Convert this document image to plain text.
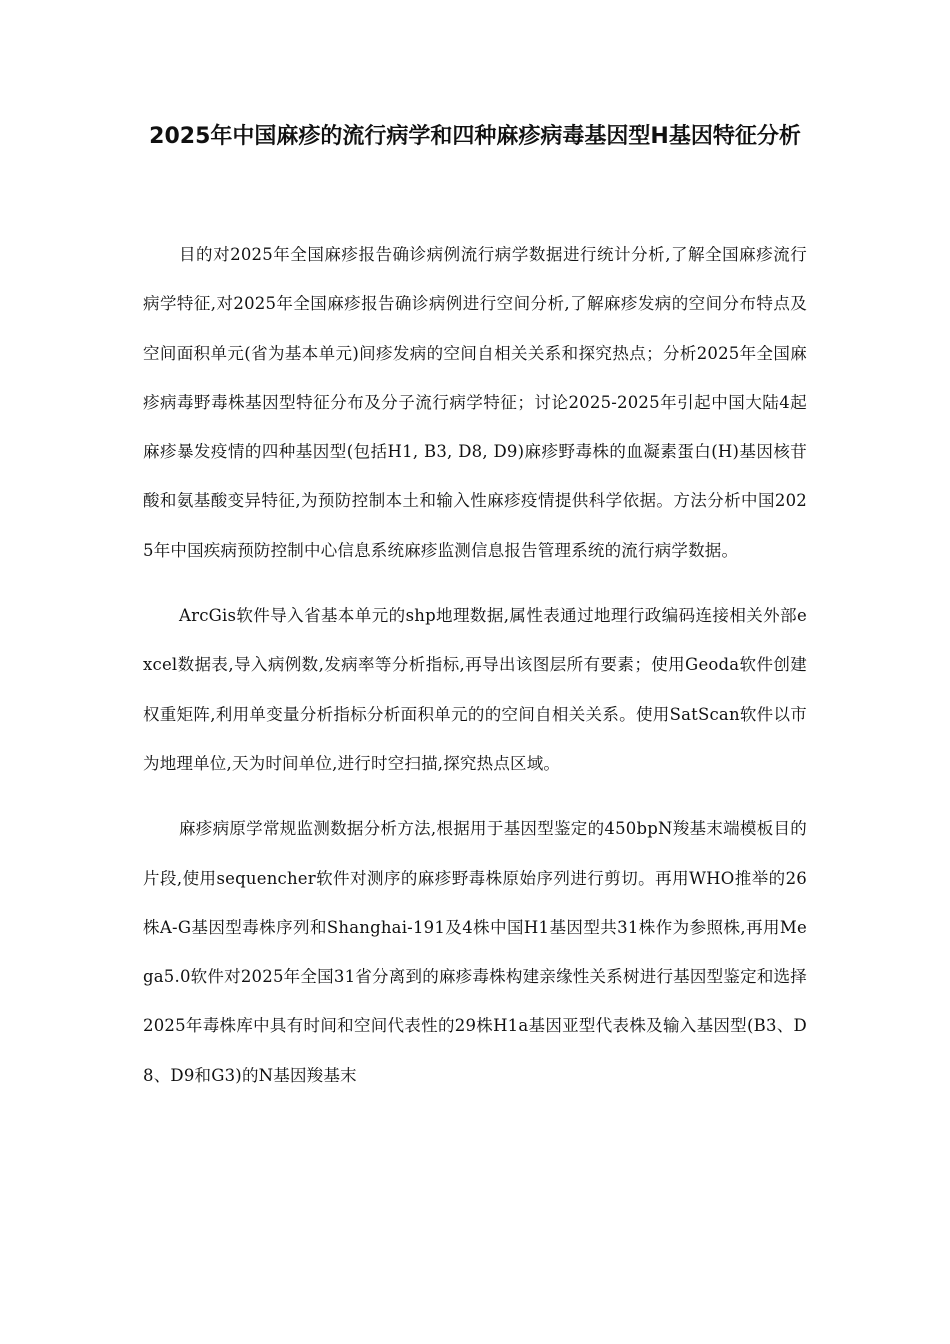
2025年中国麻疹的流行病学和四种麻疹病毒基因型H基因特征分析

目的对2025年全国麻疹报告确诊病例流行病学数据进行统计分析,了解全国麻疹流行病学特征,对2025年全国麻疹报告确诊病例进行空间分析,了解麻疹发病的空间分布特点及空间面积单元(省为基本单元)间疹发病的空间自相关关系和探究热点；分析2025年全国麻疹病毒野毒株基因型特征分布及分子流行病学特征；讨论2025-2025年引起中国大陆4起麻疹暴发疫情的四种基因型(包括H1, B3, D8, D9)麻疹野毒株的血凝素蛋白(H)基因核苷酸和氨基酸变异特征,为预防控制本土和输入性麻疹疫情提供科学依据。方法分析中国2025年中国疾病预防控制中心信息系统麻疹监测信息报告管理系统的流行病学数据。

ArcGis软件导入省基本单元的shp地理数据,属性表通过地理行政编码连接相关外部excel数据表,导入病例数,发病率等分析指标,再导出该图层所有要素；使用Geoda软件创建权重矩阵,利用单变量分析指标分析面积单元的的空间自相关关系。使用SatScan软件以市为地理单位,天为时间单位,进行时空扫描,探究热点区域。

麻疹病原学常规监测数据分析方法,根据用于基因型鉴定的450bpN羧基末端模板目的片段,使用sequencher软件对测序的麻疹野毒株原始序列进行剪切。再用WHO推举的26株A-G基因型毒株序列和Shanghai-191及4株中国H1基因型共31株作为参照株,再用Mega5.0软件对2025年全国31省分离到的麻疹毒株构建亲缘性关系树进行基因型鉴定和选择2025年毒株库中具有时间和空间代表性的29株H1a基因亚型代表株及输入基因型(B3、D8、D9和G3)的N基因羧基末
